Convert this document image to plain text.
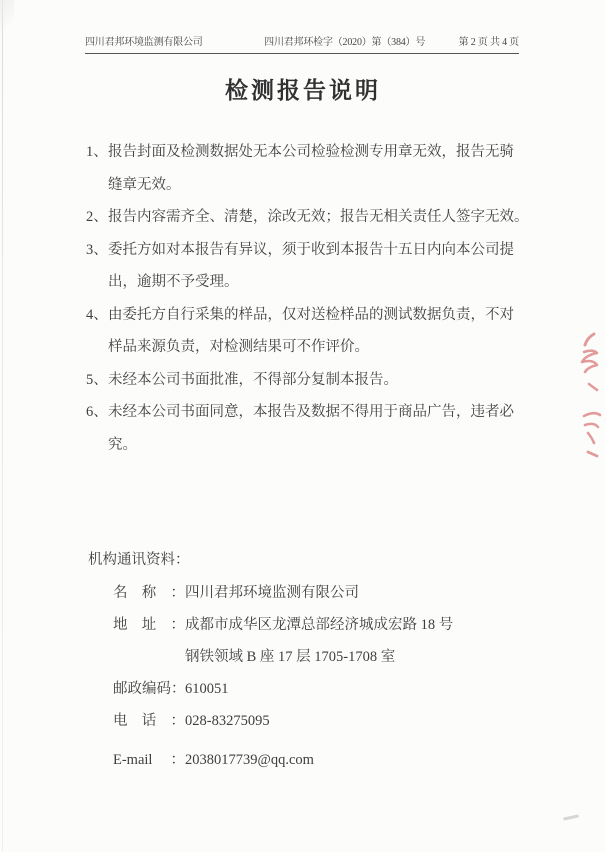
四川君邦环境监测有限公司	四川君邦环检字（2020）第（384）号	第 2 页 共 4 页
检测报告说明
1、 报告封面及检测数据处无本公司检验检测专用章无效，报告无骑
缝章无效。
2、 报告内容需齐全、清楚，涂改无效；报告无相关责任人签字无效。
3、 委托方如对本报告有异议，须于收到本报告十五日内向本公司提
出，逾期不予受理。
4、 由委托方自行采集的样品，仅对送检样品的测试数据负责，不对
样品来源负责，对检测结果可不作评价。
5、 未经本公司书面批准，不得部分复制本报告。
6、 未经本公司书面同意，本报告及数据不得用于商品广告，违者必
究。
机构通讯资料：
名称：四川君邦环境监测有限公司
地址：成都市成华区龙潭总部经济城成宏路 18 号
钢铁领域 B 座 17 层 1705-1708 室
邮政编码：610051
电话：028-83275095
E-mail ：2038017739@qq.com
